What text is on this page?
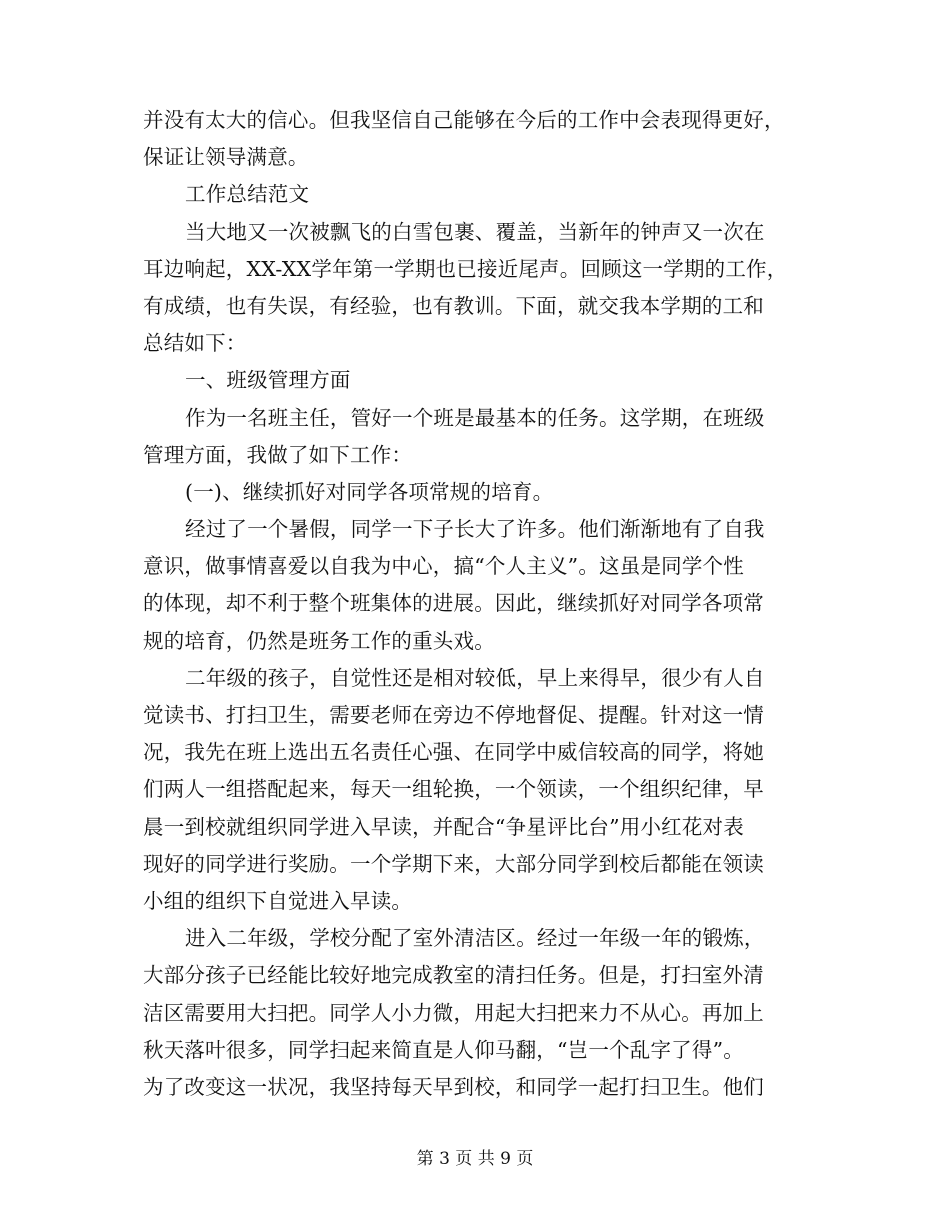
并没有太大的信心。但我坚信自己能够在今后的工作中会表现得更好，
保证让领导满意。
工作总结范文
当大地又一次被飘飞的白雪包裹、覆盖，当新年的钟声又一次在
耳边响起，XX-XX学年第一学期也已接近尾声。回顾这一学期的工作，
有成绩，也有失误，有经验，也有教训。下面，就交我本学期的工和
总结如下：
一、班级管理方面
作为一名班主任，管好一个班是最基本的任务。这学期，在班级
管理方面，我做了如下工作：
(一)、继续抓好对同学各项常规的培育。
经过了一个暑假，同学一下子长大了许多。他们渐渐地有了自我
意识，做事情喜爱以自我为中心，搞“个人主义”。这虽是同学个性
的体现，却不利于整个班集体的进展。因此，继续抓好对同学各项常
规的培育，仍然是班务工作的重头戏。
二年级的孩子，自觉性还是相对较低，早上来得早，很少有人自
觉读书、打扫卫生，需要老师在旁边不停地督促、提醒。针对这一情
况，我先在班上选出五名责任心强、在同学中威信较高的同学，将她
们两人一组搭配起来，每天一组轮换，一个领读，一个组织纪律，早
晨一到校就组织同学进入早读，并配合“争星评比台”用小红花对表
现好的同学进行奖励。一个学期下来，大部分同学到校后都能在领读
小组的组织下自觉进入早读。
进入二年级，学校分配了室外清洁区。经过一年级一年的锻炼，
大部分孩子已经能比较好地完成教室的清扫任务。但是，打扫室外清
洁区需要用大扫把。同学人小力微，用起大扫把来力不从心。再加上
秋天落叶很多，同学扫起来简直是人仰马翻，“岂一个乱字了得”。
为了改变这一状况，我坚持每天早到校，和同学一起打扫卫生。他们
第 3 页 共 9 页
